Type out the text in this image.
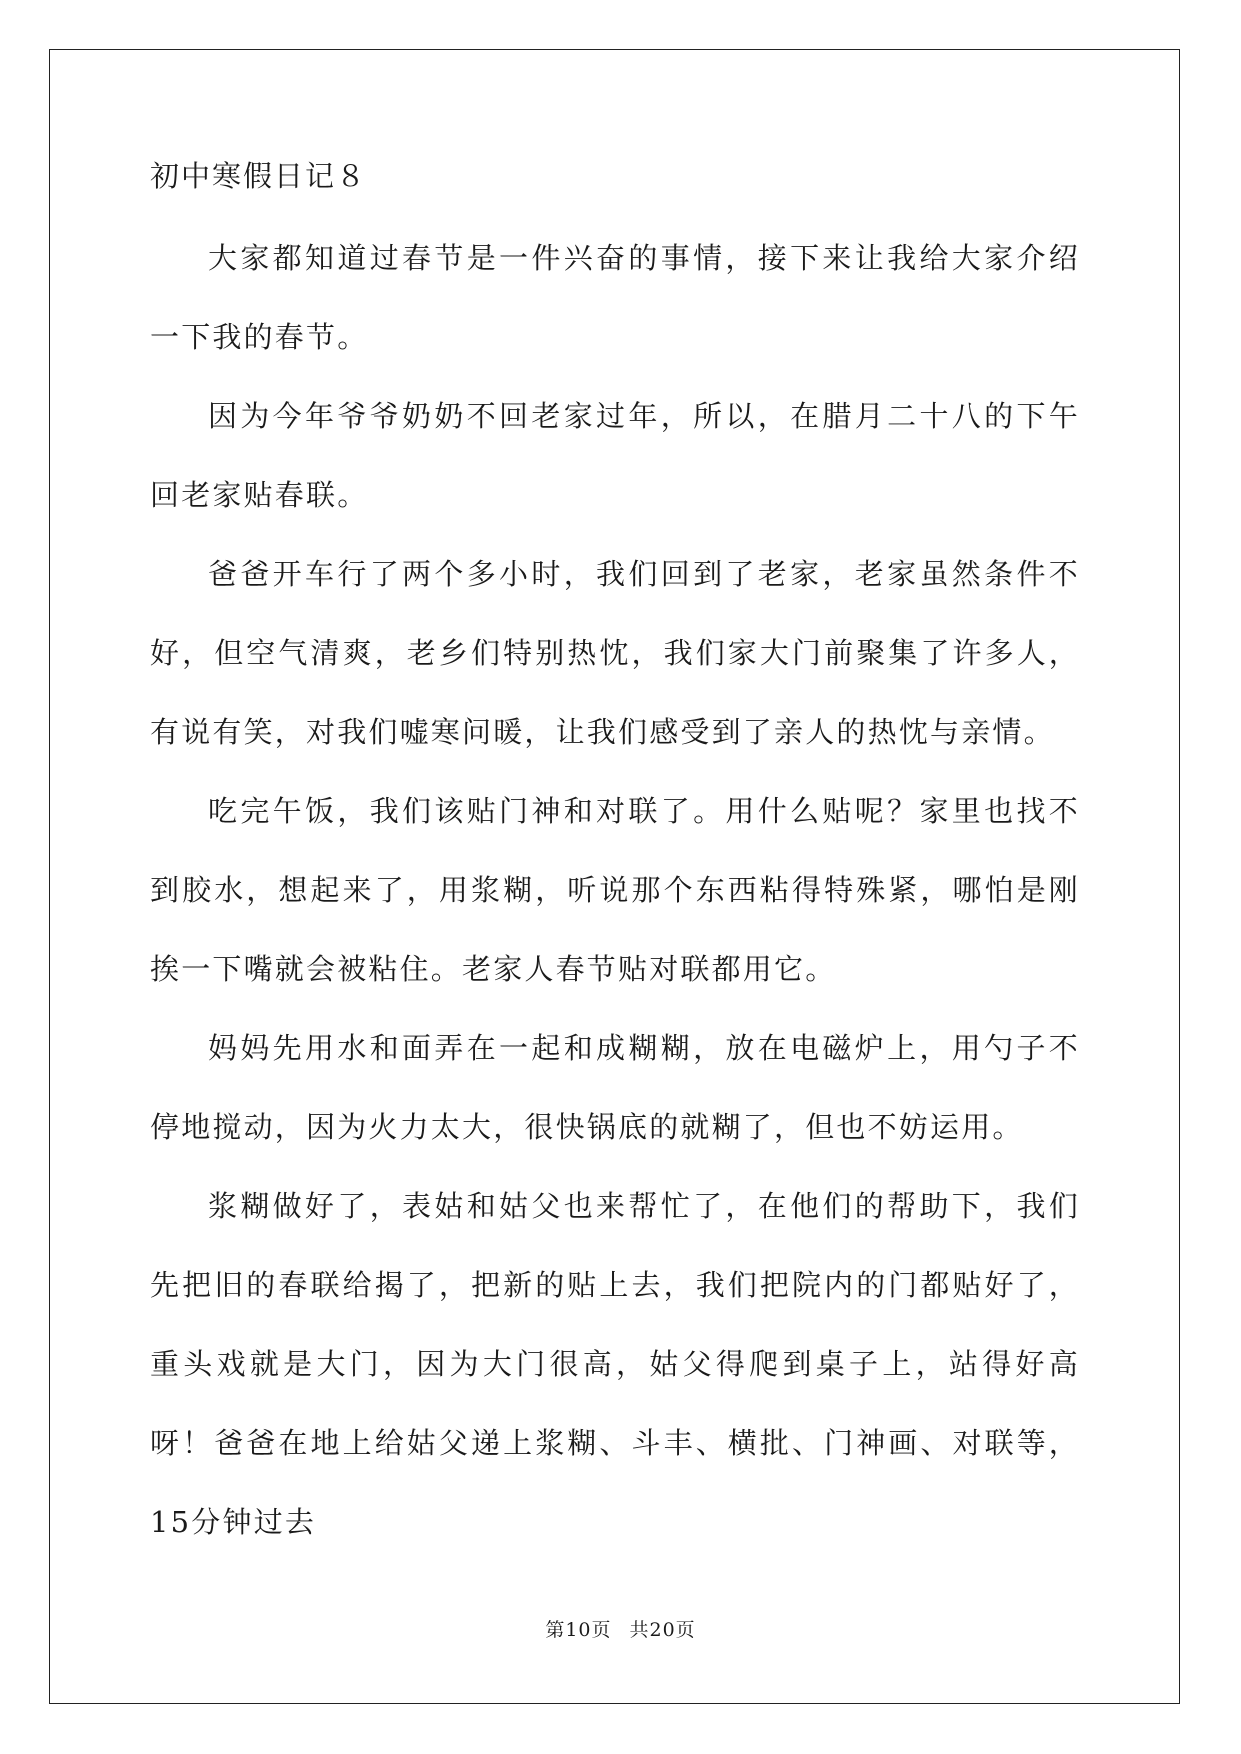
初中寒假日记８

大家都知道过春节是一件兴奋的事情，接下来让我给大家介绍一下我的春节。

因为今年爷爷奶奶不回老家过年，所以，在腊月二十八的下午回老家贴春联。

爸爸开车行了两个多小时，我们回到了老家，老家虽然条件不好，但空气清爽，老乡们特别热忱，我们家大门前聚集了许多人，有说有笑，对我们嘘寒问暖，让我们感受到了亲人的热忱与亲情。

吃完午饭，我们该贴门神和对联了。用什么贴呢？家里也找不到胶水，想起来了，用浆糊，听说那个东西粘得特殊紧，哪怕是刚挨一下嘴就会被粘住。老家人春节贴对联都用它。

妈妈先用水和面弄在一起和成糊糊，放在电磁炉上，用勺子不停地搅动，因为火力太大，很快锅底的就糊了，但也不妨运用。

浆糊做好了，表姑和姑父也来帮忙了，在他们的帮助下，我们先把旧的春联给揭了，把新的贴上去，我们把院内的门都贴好了，重头戏就是大门，因为大门很高，姑父得爬到桌子上，站得好高呀！爸爸在地上给姑父递上浆糊、斗丰、横批、门神画、对联等，15分钟过去

第10页 共20页
